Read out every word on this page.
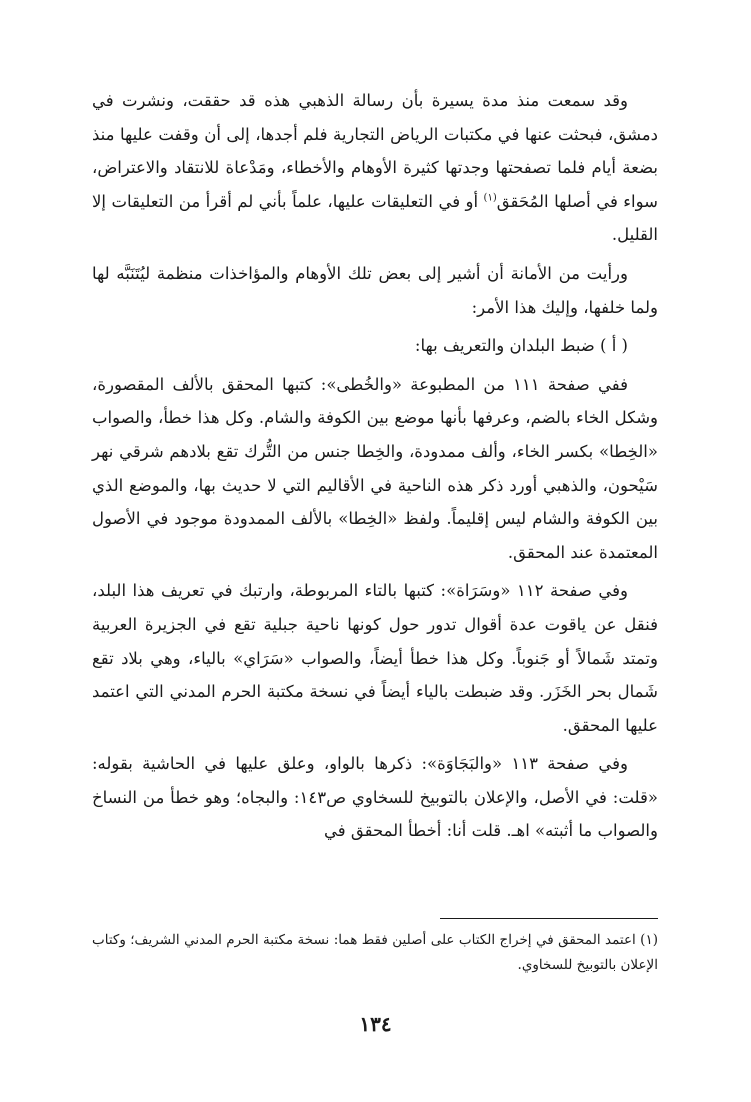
وقد سمعت منذ مدة يسيرة بأن رسالة الذهبي هذه قد حققت، ونشرت في دمشق، فبحثت عنها في مكتبات الرياض التجارية فلم أجدها، إلى أن وقفت عليها منذ بضعة أيام فلما تصفحتها وجدتها كثيرة الأوهام والأخطاء، ومَدْعاة للانتقاد والاعتراض، سواء في أصلها المُحَقق$^{(١)}$ أو في التعليقات عليها، علماً بأني لم أقرأ من التعليقات إلا القليل.

ورأيت من الأمانة أن أشير إلى بعض تلك الأوهام والمؤاخذات منظمة ليُتَنَبَّه لها ولما خلفها، وإليك هذا الأمر:

( أ ) ضبط البلدان والتعريف بها:

ففي صفحة ١١١ من المطبوعة «والخُطى»: كتبها المحقق بالألف المقصورة، وشكل الخاء بالضم، وعرفها بأنها موضع بين الكوفة والشام. وكل هذا خطأ، والصواب «الخِطا» بكسر الخاء، وألف ممدودة، والخِطا جنس من التُّرك تقع بلادهم شرقي نهر سَيْحون، والذهبي أورد ذكر هذه الناحية في الأقاليم التي لا حديث بها، والموضع الذي بين الكوفة والشام ليس إقليماً. ولفظ «الخِطا» بالألف الممدودة موجود في الأصول المعتمدة عند المحقق.

وفي صفحة ١١٢ «وسَرَاة»: كتبها بالتاء المربوطة، وارتبك في تعريف هذا البلد، فنقل عن ياقوت عدة أقوال تدور حول كونها ناحية جبلية تقع في الجزيرة العربية وتمتد شَمالاً أو جَنوباً. وكل هذا خطأ أيضاً، والصواب «سَرَاي» بالياء، وهي بلاد تقع شَمال بحر الخَزَر. وقد ضبطت بالياء أيضاً في نسخة مكتبة الحرم المدني التي اعتمد عليها المحقق.

وفي صفحة ١١٣ «والبَجَاوَة»: ذكرها بالواو، وعلق عليها في الحاشية بقوله: «قلت: في الأصل، والإعلان بالتوبيخ للسخاوي ص١٤٣: والبجاه؛ وهو خطأ من النساخ والصواب ما أثبته» اهـ. قلت أنا: أخطأ المحقق في

(١) اعتمد المحقق في إخراج الكتاب على أصلين فقط هما: نسخة مكتبة الحرم المدني الشريف؛ وكتاب الإعلان بالتوبيخ للسخاوي.

١٣٤
